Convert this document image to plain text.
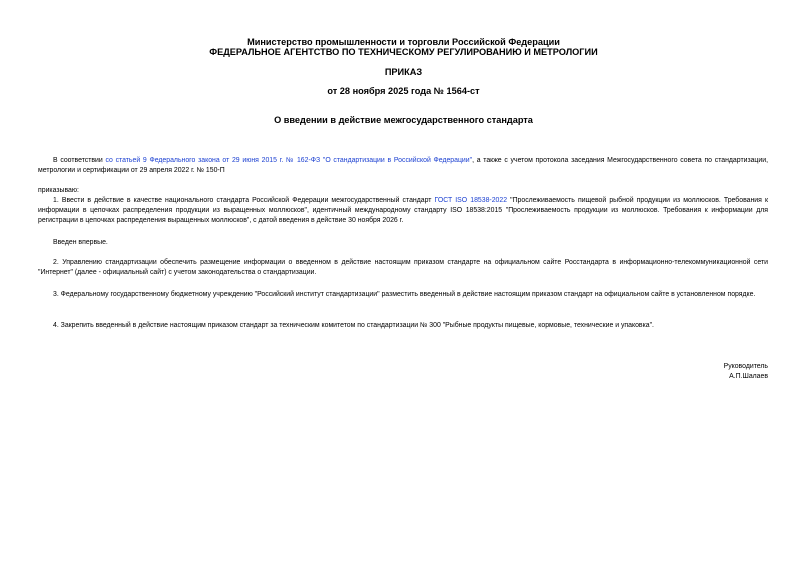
Министерство промышленности и торговли Российской Федерации
ФЕДЕРАЛЬНОЕ АГЕНТСТВО ПО ТЕХНИЧЕСКОМУ РЕГУЛИРОВАНИЮ И МЕТРОЛОГИИ
ПРИКАЗ
от 28 ноября 2025 года № 1564-ст
О введении в действие межгосударственного стандарта
В соответствии со статьей 9 Федерального закона от 29 июня 2015 г. № 162-ФЗ "О стандартизации в Российской Федерации", а также с учетом протокола заседания Межгосударственного совета по стандартизации, метрологии и сертификации от 29 апреля 2022 г. № 150-П
приказываю:
1. Ввести в действие в качестве национального стандарта Российской Федерации межгосударственный стандарт ГОСТ ISO 18538-2022 "Прослеживаемость пищевой рыбной продукции из моллюсков. Требования к информации в цепочках распределения продукции из выращенных моллюсков", идентичный международному стандарту ISO 18538:2015 "Прослеживаемость продукции из моллюсков. Требования к информации для регистрации в цепочках распределения выращенных моллюсков", с датой введения в действие 30 ноября 2026 г.
Введен впервые.
2. Управлению стандартизации обеспечить размещение информации о введенном в действие настоящим приказом стандарте на официальном сайте Росстандарта в информационно-телекоммуникационной сети "Интернет" (далее - официальный сайт) с учетом законодательства о стандартизации.
3. Федеральному государственному бюджетному учреждению "Российский институт стандартизации" разместить введенный в действие настоящим приказом стандарт на официальном сайте в установленном порядке.
4. Закрепить введенный в действие настоящим приказом стандарт за техническим комитетом по стандартизации № 300 "Рыбные продукты пищевые, кормовые, технические и упаковка".
Руководитель
А.П.Шалаев
